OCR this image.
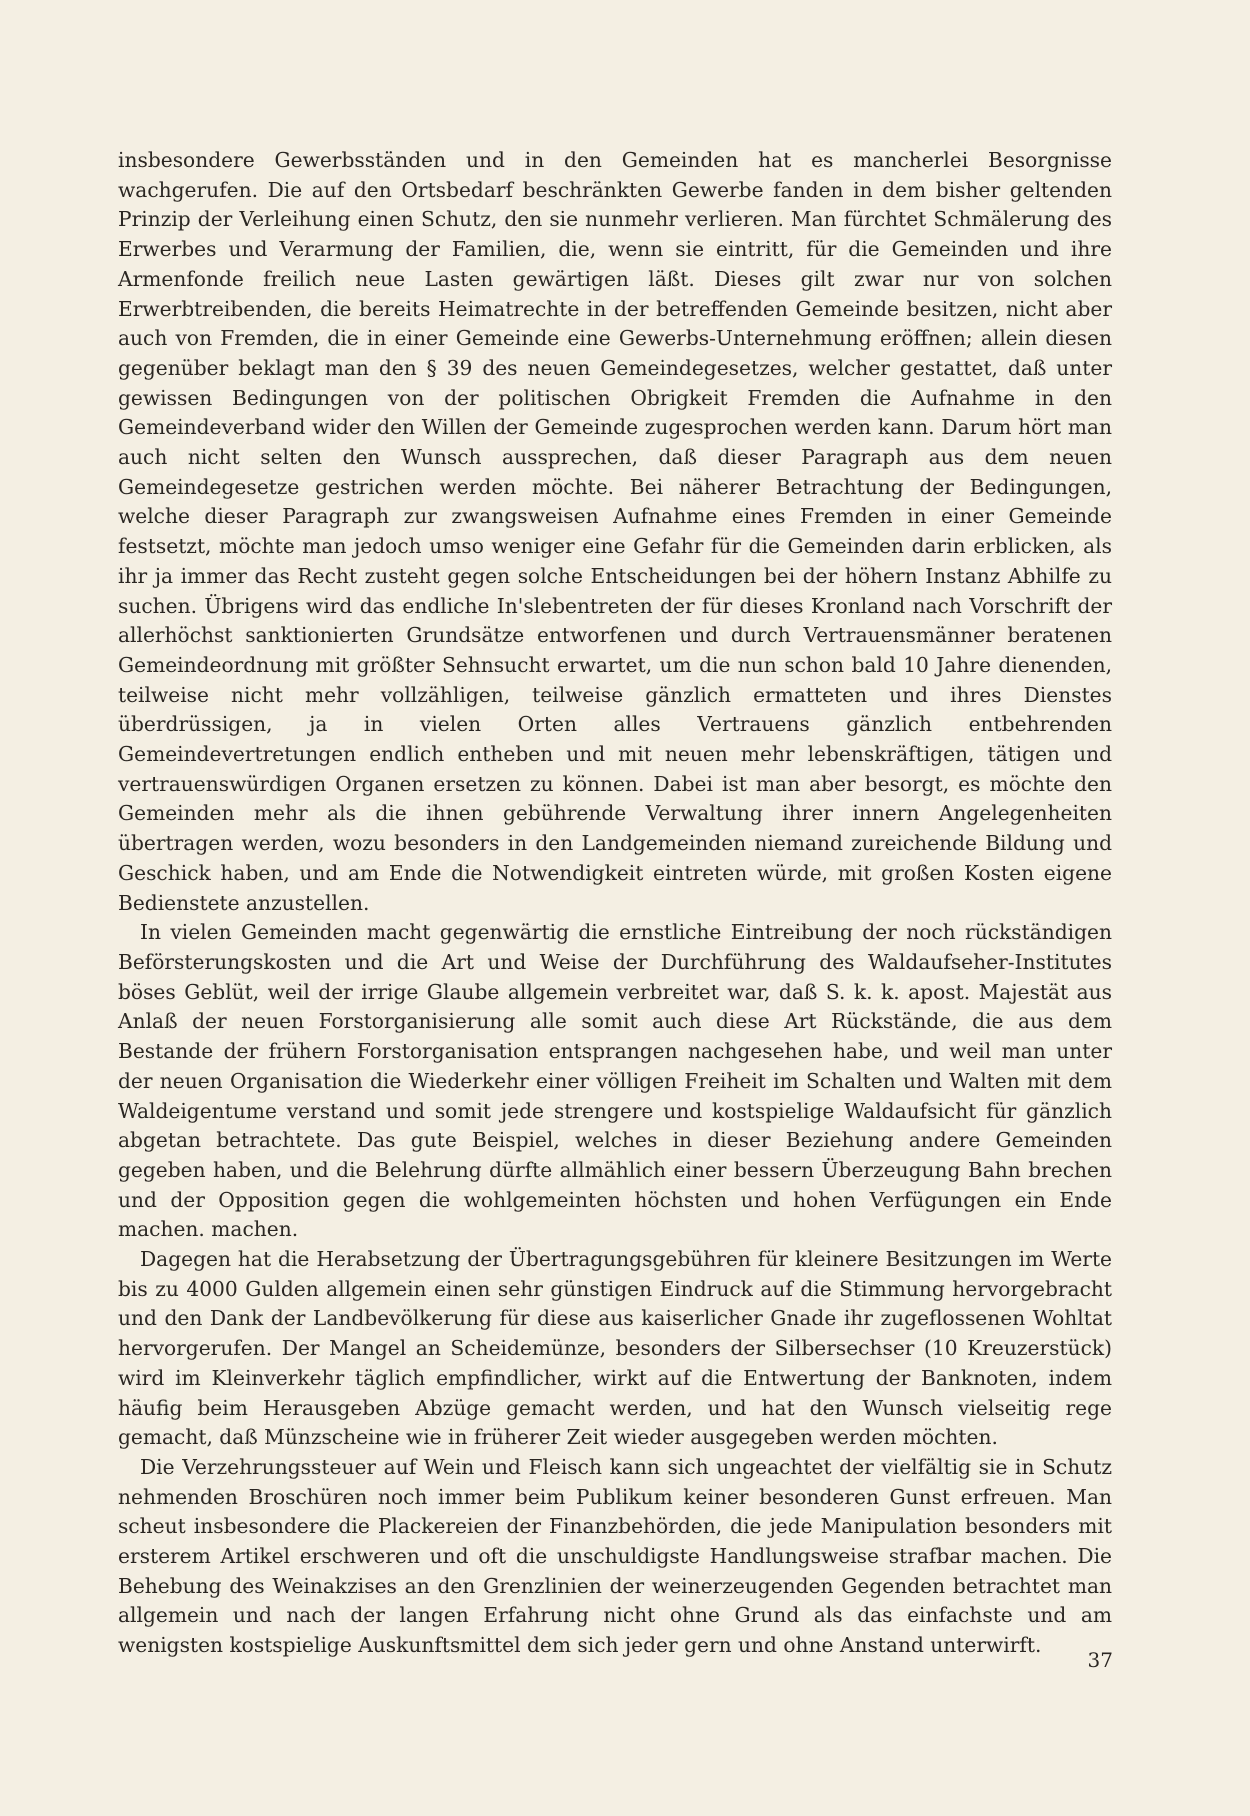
insbesondere Gewerbsständen und in den Gemeinden hat es mancherlei Besorgnisse wachgerufen. Die auf den Ortsbedarf beschränkten Gewerbe fanden in dem bisher geltenden Prinzip der Verleihung einen Schutz, den sie nunmehr verlieren. Man fürchtet Schmälerung des Erwerbes und Verarmung der Familien, die, wenn sie eintritt, für die Gemeinden und ihre Armenfonde freilich neue Lasten gewärtigen läßt. Dieses gilt zwar nur von solchen Erwerbtreibenden, die bereits Heimatrechte in der betreffenden Gemeinde besitzen, nicht aber auch von Fremden, die in einer Gemeinde eine Gewerbs-Unternehmung eröffnen; allein diesen gegenüber beklagt man den § 39 des neuen Gemeindegesetzes, welcher gestattet, daß unter gewissen Bedingungen von der politischen Obrigkeit Fremden die Aufnahme in den Gemeindeverband wider den Willen der Gemeinde zugesprochen werden kann. Darum hört man auch nicht selten den Wunsch aussprechen, daß dieser Paragraph aus dem neuen Gemeindegesetze gestrichen werden möchte. Bei näherer Betrachtung der Bedingungen, welche dieser Paragraph zur zwangsweisen Aufnahme eines Fremden in einer Gemeinde festsetzt, möchte man jedoch umso weniger eine Gefahr für die Gemeinden darin erblicken, als ihr ja immer das Recht zusteht gegen solche Entscheidungen bei der höhern Instanz Abhilfe zu suchen. Übrigens wird das endliche In'slebentreten der für dieses Kronland nach Vorschrift der allerhöchst sanktionierten Grundsätze entworfenen und durch Vertrauensmänner beratenen Gemeindeordnung mit größter Sehnsucht erwartet, um die nun schon bald 10 Jahre dienenden, teilweise nicht mehr vollzähligen, teilweise gänzlich ermatteten und ihres Dienstes überdrüssigen, ja in vielen Orten alles Vertrauens gänzlich entbehrenden Gemeindevertretungen endlich entheben und mit neuen mehr lebenskräftigen, tätigen und vertrauenswürdigen Organen ersetzen zu können. Dabei ist man aber besorgt, es möchte den Gemeinden mehr als die ihnen gebührende Verwaltung ihrer innern Angelegenheiten übertragen werden, wozu besonders in den Landgemeinden niemand zureichende Bildung und Geschick haben, und am Ende die Notwendigkeit eintreten würde, mit großen Kosten eigene Bedienstete anzustellen.

In vielen Gemeinden macht gegenwärtig die ernstliche Eintreibung der noch rückständigen Beförsterungskosten und die Art und Weise der Durchführung des Waldaufseher-Institutes böses Geblüt, weil der irrige Glaube allgemein verbreitet war, daß S. k. k. apost. Majestät aus Anlaß der neuen Forstorganisierung alle somit auch diese Art Rückstände, die aus dem Bestande der frühern Forstorganisation entsprangen nachgesehen habe, und weil man unter der neuen Organisation die Wiederkehr einer völligen Freiheit im Schalten und Walten mit dem Waldeigentume verstand und somit jede strengere und kostspielige Waldaufsicht für gänzlich abgetan betrachtete. Das gute Beispiel, welches in dieser Beziehung andere Gemeinden gegeben haben, und die Belehrung dürfte allmählich einer bessern Überzeugung Bahn brechen und der Opposition gegen die wohlgemeinten höchsten und hohen Verfügungen ein Ende machen. machen.

Dagegen hat die Herabsetzung der Übertragungsgebühren für kleinere Besitzungen im Werte bis zu 4000 Gulden allgemein einen sehr günstigen Eindruck auf die Stimmung hervorgebracht und den Dank der Landbevölkerung für diese aus kaiserlicher Gnade ihr zugeflossenen Wohltat hervorgerufen. Der Mangel an Scheidemünze, besonders der Silbersechser (10 Kreuzerstück) wird im Kleinverkehr täglich empfindlicher, wirkt auf die Entwertung der Banknoten, indem häufig beim Herausgeben Abzüge gemacht werden, und hat den Wunsch vielseitig rege gemacht, daß Münzscheine wie in früherer Zeit wieder ausgegeben werden möchten.

Die Verzehrungssteuer auf Wein und Fleisch kann sich ungeachtet der vielfältig sie in Schutz nehmenden Broschüren noch immer beim Publikum keiner besonderen Gunst erfreuen. Man scheut insbesondere die Plackereien der Finanzbehörden, die jede Manipulation besonders mit ersterem Artikel erschweren und oft die unschuldigste Handlungsweise strafbar machen. Die Behebung des Weinakzises an den Grenzlinien der weinerzeugenden Gegenden betrachtet man allgemein und nach der langen Erfahrung nicht ohne Grund als das einfachste und am wenigsten kostspielige Auskunftsmittel dem sich jeder gern und ohne Anstand unterwirft.

37
